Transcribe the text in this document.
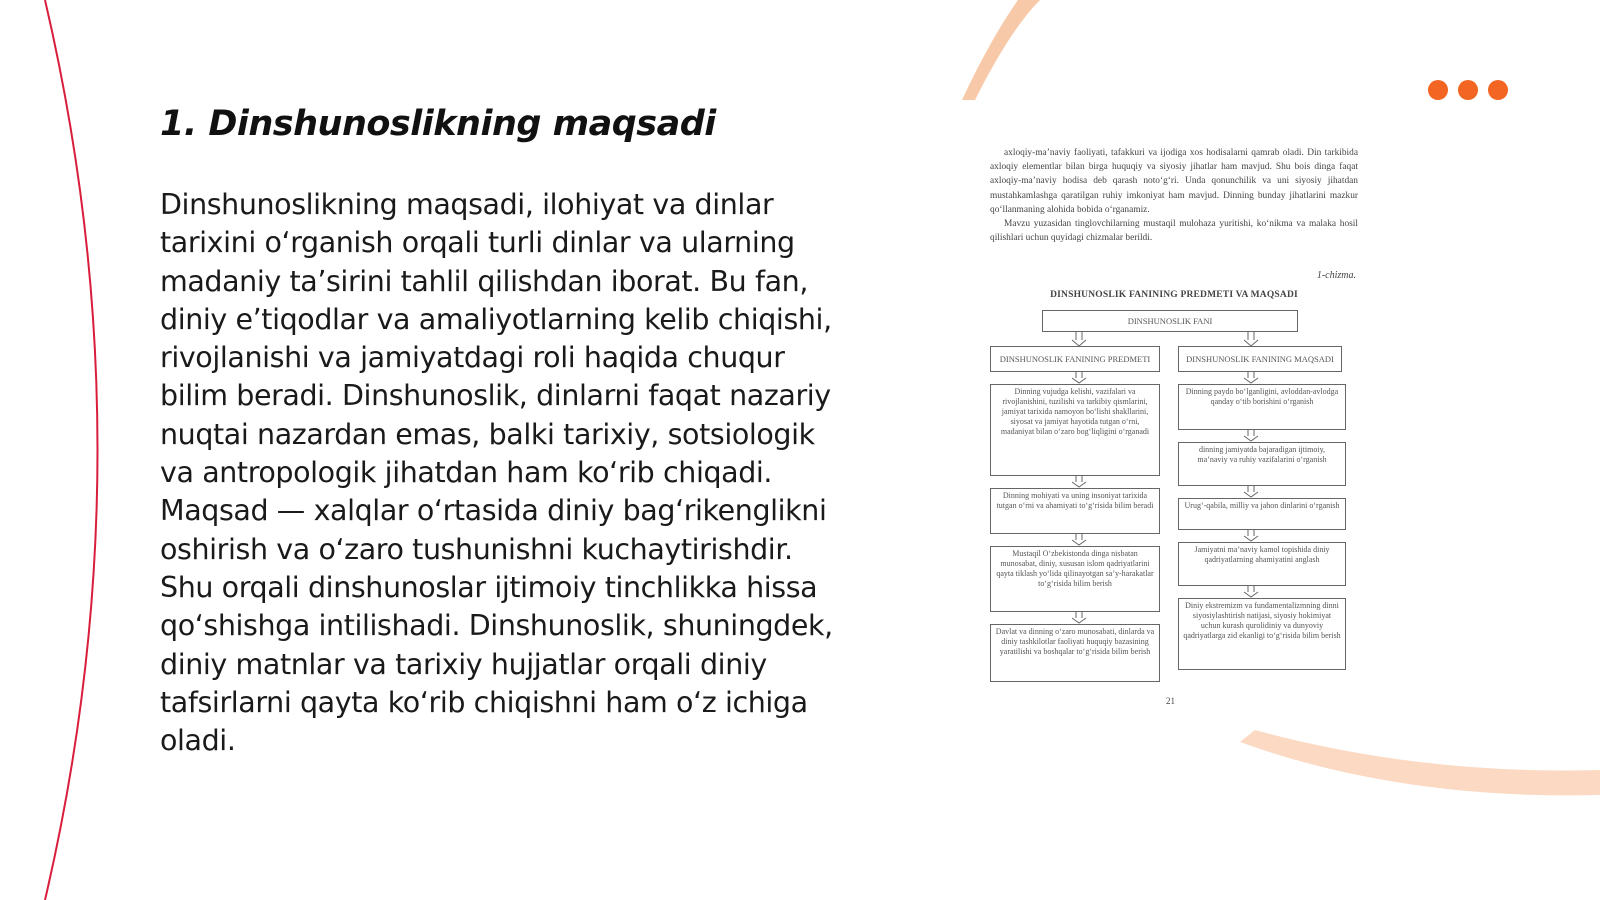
1. Dinshunoslikning maqsadi

Dinshunoslikning maqsadi, ilohiyat va dinlar tarixini oʻrganish orqali turli dinlar va ularning madaniy taʼsirini tahlil qilishdan iborat. Bu fan, diniy eʼtiqodlar va amaliyotlarning kelib chiqishi, rivojlanishi va jamiyatdagi roli haqida chuqur bilim beradi. Dinshunoslik, dinlarni faqat nazariy nuqtai nazardan emas, balki tarixiy, sotsiologik va antropologik jihatdan ham koʻrib chiqadi. Maqsad — xalqlar oʻrtasida diniy bagʻrikenglikni oshirish va oʻzaro tushunishni kuchaytirishdir. Shu orqali dinshunoslar ijtimoiy tinchlikka hissa qoʻshishga intilishadi. Dinshunoslik, shuningdek, diniy matnlar va tarixiy hujjatlar orqali diniy tafsirlarni qayta koʻrib chiqishni ham oʻz ichiga oladi.

axloqiy-maʼnaviy faoliyati, tafakkuri va ijodiga xos hodisalarni qamrab oladi. Din tarkibida axloqiy elementlar bilan birga huquqiy va siyosiy jihatlar ham mavjud. Shu bois dinga faqat axloqiy-maʼnaviy hodisa deb qarash notoʻgʻri. Unda qonunchilik va uni siyosiy jihatdan mustahkamlashga qaratilgan ruhiy imkoniyat ham mavjud. Dinning bunday jihatlarini mazkur qoʻllanmaning alohida bobida oʻrganamiz.

Mavzu yuzasidan tinglovchilarning mustaqil mulohaza yuritishi, koʻnikma va malaka hosil qilishlari uchun quyidagi chizmalar berildi.

1-chizma.
DINSHUNOSLIK FANINING PREDMETI VA MAQSADI
DINSHUNOSLIK FANI
DINSHUNOSLIK FANINING PREDMETI	DINSHUNOSLIK FANINING MAQSADI
Dinning vujudga kelishi, vazifalari va rivojlanishini, tuzilishi va tarkibiy qismlarini, jamiyat tarixida namoyon boʻlishi shakllarini, siyosat va jamiyat hayotida tutgan oʻrni, madaniyat bilan oʻzaro bogʻliqligini oʻrganadi
Dinning mohiyati va uning insoniyat tarixida tutgan oʻrni va ahamiyati toʻgʻrisida bilim beradi
Mustaqil Oʻzbekistonda dinga nisbatan munosabat, diniy, xususan islom qadriyatlarini qayta tiklash yoʻlida qilinayotgan saʼy-harakatlar toʻgʻrisida bilim berish
Davlat va dinning oʻzaro munosabati, dinlarda va diniy tashkilotlar faoliyati huquqiy bazasining yaratilishi va boshqalar toʻgʻrisida bilim berish
Dinning paydo boʻlganligini, avloddan-avlodga qanday oʻtib borishini oʻrganish
dinning jamiyatda bajaradigan ijtimoiy, maʼnaviy va ruhiy vazifalarini oʻrganish
Urugʻ-qabila, milliy va jahon dinlarini oʻrganish
Jamiyatni maʼnaviy kamol topishida diniy qadriyatlarning ahamiyatini anglash
Diniy ekstremizm va fundamentalizmning dinni siyosiylashtirish natijasi, siyosiy hokimiyat uchun kurash qurolidiniy va dunyoviy qadriyatlarga zid ekanligi toʻgʻrisida bilim berish
21
